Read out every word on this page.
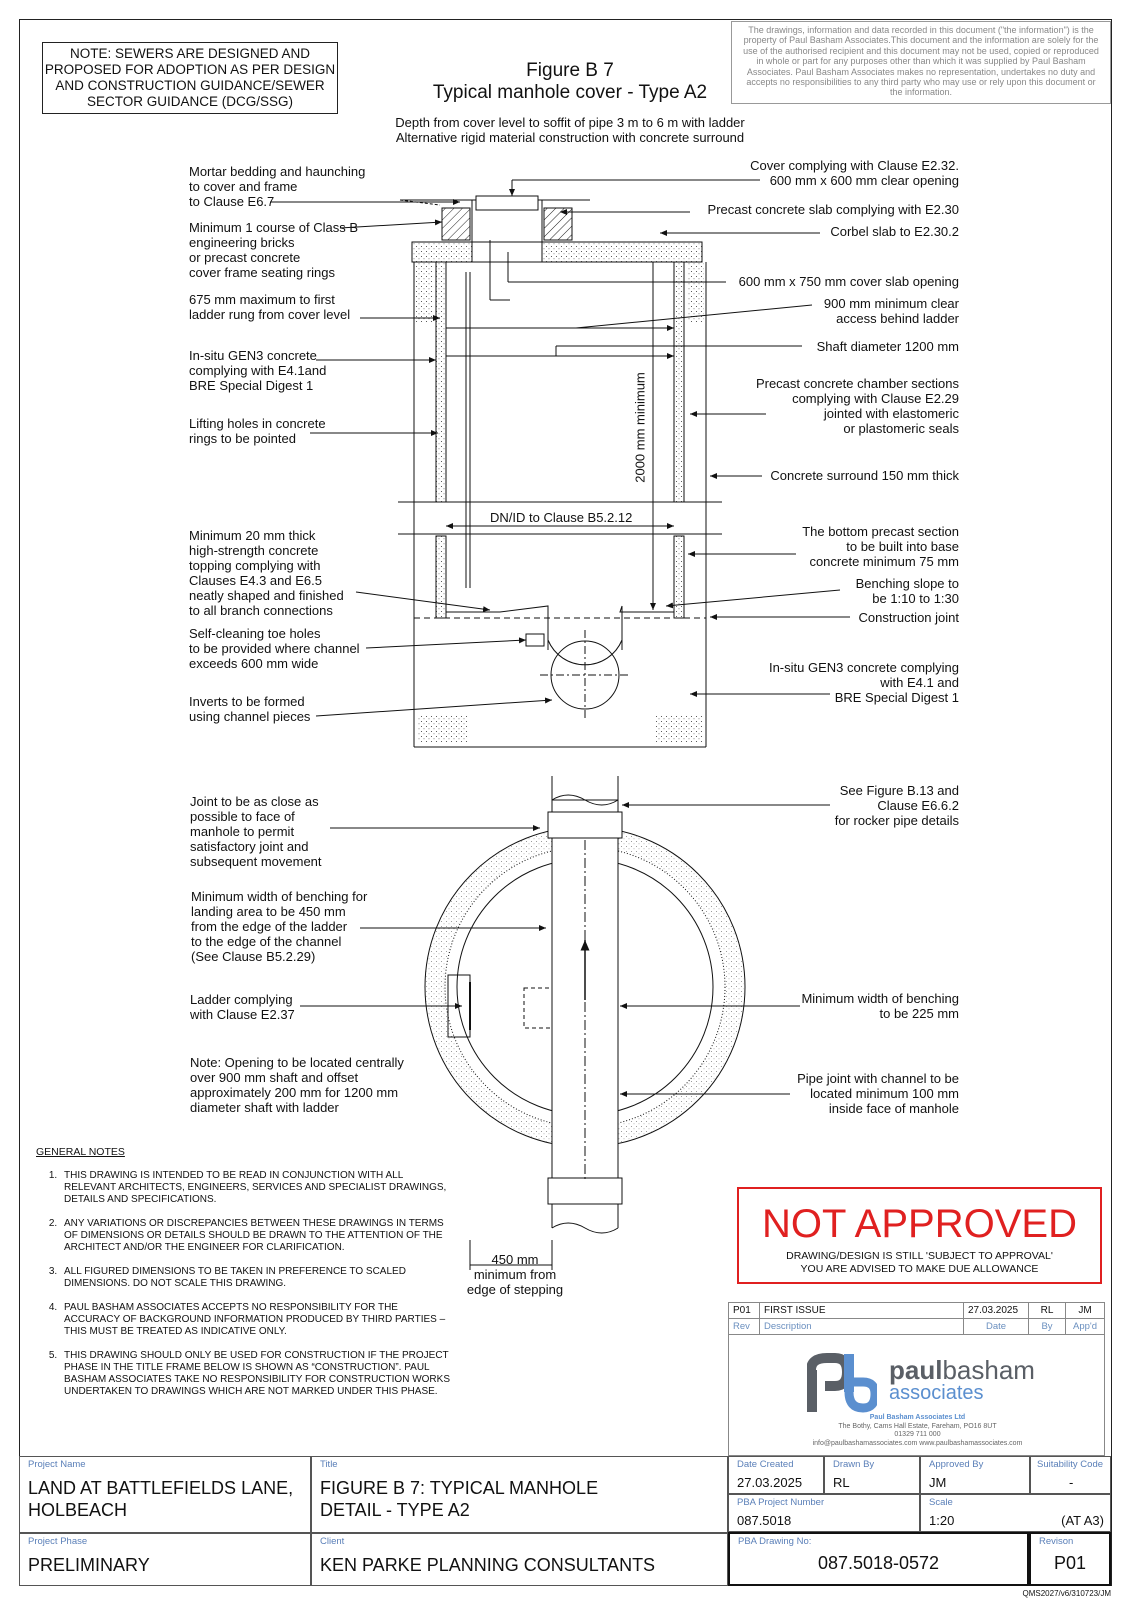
NOTE: SEWERS ARE DESIGNED AND PROPOSED FOR ADOPTION AS PER DESIGN AND CONSTRUCTION GUIDANCE/SEWER SECTOR GUIDANCE (DCG/SSG)
The drawings, information and data recorded in this document ("the information") is the property of Paul Basham Associates.This document and the information are solely for the use of the authorised recipient and this document may not be used, copied or reproduced in whole or part for any purposes other than which it was supplied by Paul Basham Associates. Paul Basham Associates makes no representation, undertakes no duty and accepts no responsibilities to any third party who may use or rely upon this document or the information.
Figure B 7
Typical manhole cover - Type A2
Depth from cover level to soffit of pipe 3 m to 6 m with ladder
Alternative rigid material construction with concrete surround
Mortar bedding and haunching
to cover and frame
to Clause E6.7
Minimum 1 course of Class B
engineering bricks
or precast concrete
cover frame seating rings
675 mm maximum to first
ladder rung from cover level
In-situ GEN3 concrete
complying with E4.1and
BRE Special Digest 1
Lifting holes in concrete
rings to be pointed
Minimum 20 mm thick
high-strength concrete
topping complying with
Clauses E4.3 and E6.5
neatly shaped and finished
to all branch connections
Self-cleaning toe holes
to be provided where channel
exceeds 600 mm wide
Inverts to be formed
using channel pieces
Cover complying with Clause E2.32.
600 mm x 600 mm clear opening
Precast concrete slab complying with E2.30
Corbel slab to E2.30.2
600 mm x 750 mm cover slab opening
900 mm minimum clear
access behind ladder
Shaft diameter 1200 mm
Precast concrete chamber sections
complying with Clause E2.29
jointed with elastomeric
or plastomeric seals
Concrete surround 150 mm thick
The bottom precast section
to be built into base
concrete minimum 75 mm
Benching slope to
be 1:10 to 1:30
Construction joint
In-situ GEN3 concrete complying
with E4.1 and
BRE Special Digest 1
DN/ID to Clause B5.2.12
2000 mm minimum
Joint to be as close as
possible to face of
manhole to permit
satisfactory joint and
subsequent movement
Minimum width of benching for
landing area to be 450 mm
from the edge of the ladder
to the edge of the channel
(See Clause B5.2.29)
Ladder complying
with Clause E2.37
Note: Opening to be located centrally
over 900 mm shaft and offset
approximately 200 mm for 1200 mm
diameter shaft with ladder
See Figure B.13 and
Clause E6.6.2
for rocker pipe details
Minimum width of benching
to be 225 mm
Pipe joint with channel to be
located minimum 100 mm
inside face of manhole
450 mm
minimum from
edge of stepping
GENERAL NOTES
1. THIS DRAWING IS INTENDED TO BE READ IN CONJUNCTION WITH ALL RELEVANT ARCHITECTS, ENGINEERS, SERVICES AND SPECIALIST DRAWINGS, DETAILS AND SPECIFICATIONS.
2. ANY VARIATIONS OR DISCREPANCIES BETWEEN THESE DRAWINGS IN TERMS OF DIMENSIONS OR DETAILS SHOULD BE DRAWN TO THE ATTENTION OF THE ARCHITECT AND/OR THE ENGINEER FOR CLARIFICATION.
3. ALL FIGURED DIMENSIONS TO BE TAKEN IN PREFERENCE TO SCALED DIMENSIONS. DO NOT SCALE THIS DRAWING.
4. PAUL BASHAM ASSOCIATES ACCEPTS NO RESPONSIBILITY FOR THE ACCURACY OF BACKGROUND INFORMATION PRODUCED BY THIRD PARTIES – THIS MUST BE TREATED AS INDICATIVE ONLY.
5. THIS DRAWING SHOULD ONLY BE USED FOR CONSTRUCTION IF THE PROJECT PHASE IN THE TITLE FRAME BELOW IS SHOWN AS “CONSTRUCTION”. PAUL BASHAM ASSOCIATES TAKE NO RESPONSIBILITY FOR CONSTRUCTION WORKS UNDERTAKEN TO DRAWINGS WHICH ARE NOT MARKED UNDER THIS PHASE.
NOT APPROVED
DRAWING/DESIGN IS STILL 'SUBJECT TO APPROVAL'
YOU ARE ADVISED TO MAKE DUE ALLOWANCE
P01	FIRST ISSUE	27.03.2025	RL	JM
Rev	Description	Date	By	App'd
paulbasham
associates
Paul Basham Associates Ltd
The Bothy, Cams Hall Estate, Fareham, PO16 8UT
01329 711 000
info@paulbashamassociates.com www.paulbashamassociates.com
Project Name
LAND AT BATTLEFIELDS LANE,
HOLBEACH
Title
FIGURE B 7: TYPICAL MANHOLE
DETAIL - TYPE A2
Project Phase
PRELIMINARY
Client
KEN PARKE PLANNING CONSULTANTS
Date Created
27.03.2025
Drawn By
RL
Approved By
JM
Suitability Code
-
PBA Project Number
087.5018
Scale
1:20	(AT A3)
PBA Drawing No:
087.5018-0572
Revison
P01
QMS2027/v6/310723/JM
